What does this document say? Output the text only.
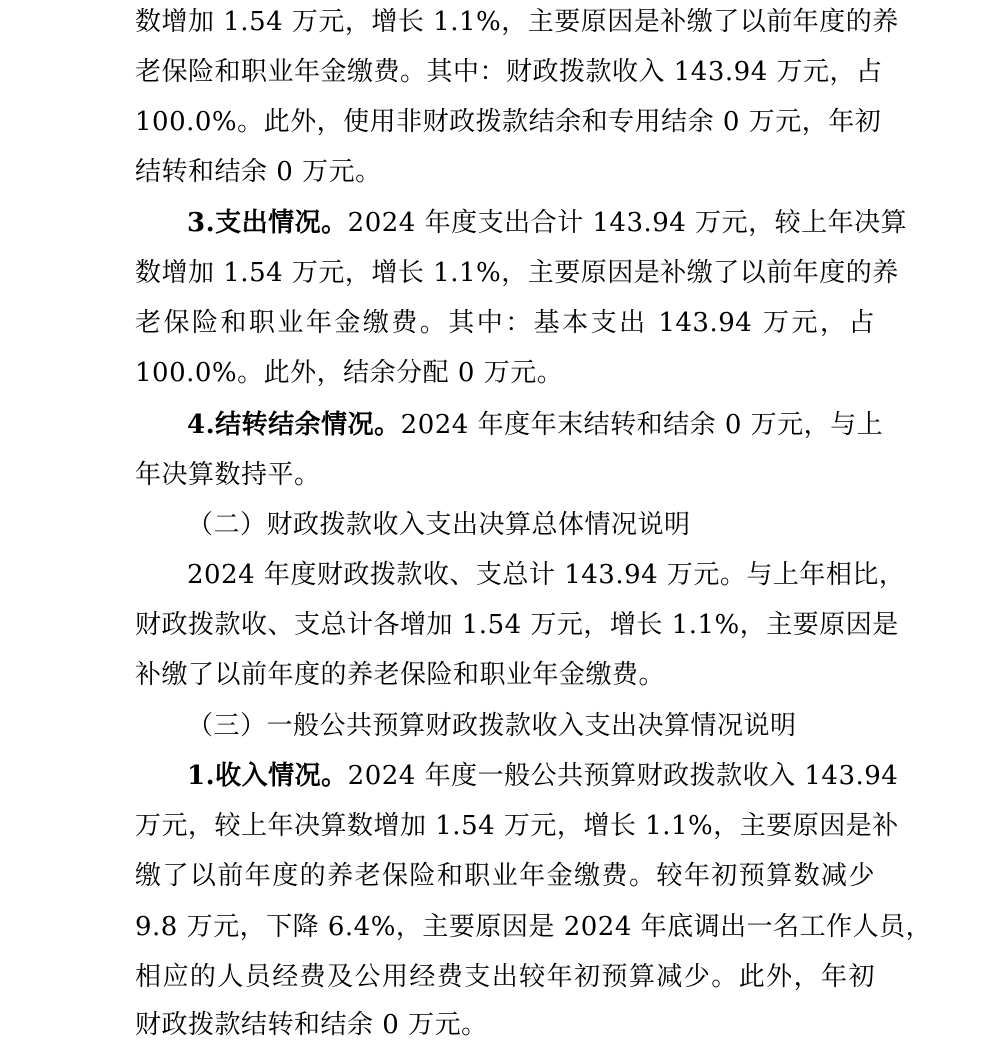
数增加 1.54 万元，增长 1.1%，主要原因是补缴了以前年度的养
老保险和职业年金缴费。其中：财政拨款收入 143.94 万元，占
100.0%。此外，使用非财政拨款结余和专用结余 0 万元，年初
结转和结余 0 万元。
3.支出情况。2024 年度支出合计 143.94 万元，较上年决算
数增加 1.54 万元，增长 1.1%，主要原因是补缴了以前年度的养
老保险和职业年金缴费。其中：基本支出 143.94 万元，占
100.0%。此外，结余分配 0 万元。
4.结转结余情况。2024 年度年末结转和结余 0 万元，与上
年决算数持平。
（二）财政拨款收入支出决算总体情况说明
2024 年度财政拨款收、支总计 143.94 万元。与上年相比，
财政拨款收、支总计各增加 1.54 万元，增长 1.1%，主要原因是
补缴了以前年度的养老保险和职业年金缴费。
（三）一般公共预算财政拨款收入支出决算情况说明
1.收入情况。2024 年度一般公共预算财政拨款收入 143.94
万元，较上年决算数增加 1.54 万元，增长 1.1%，主要原因是补
缴了以前年度的养老保险和职业年金缴费。较年初预算数减少
9.8 万元，下降 6.4%，主要原因是 2024 年底调出一名工作人员，
相应的人员经费及公用经费支出较年初预算减少。此外，年初
财政拨款结转和结余 0 万元。
